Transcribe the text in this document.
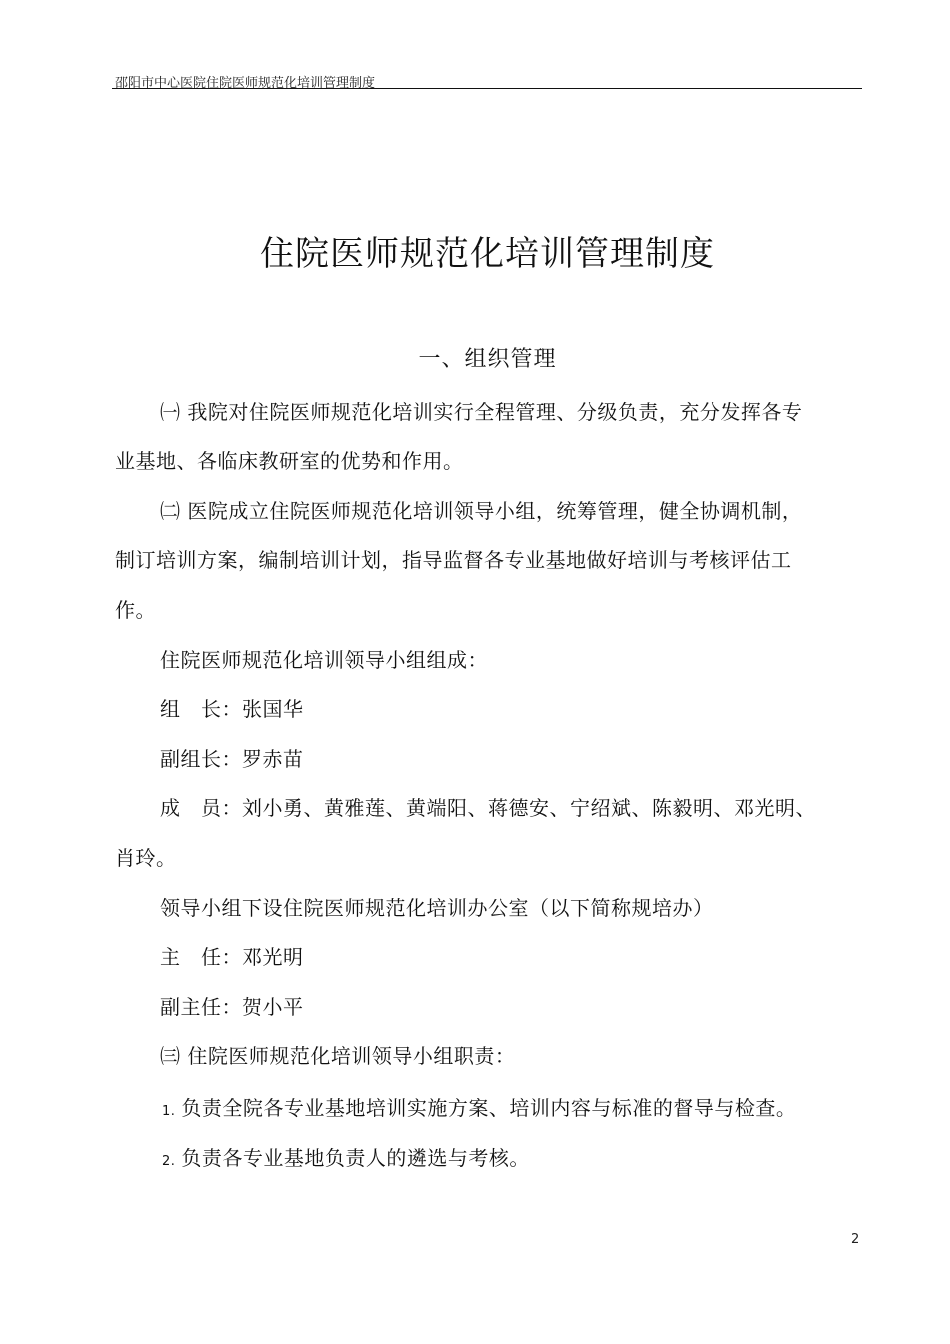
邵阳市中心医院住院医师规范化培训管理制度
住院医师规范化培训管理制度
一、组织管理
㈠ 我院对住院医师规范化培训实行全程管理、分级负责，充分发挥各专
业基地、各临床教研室的优势和作用。
㈡ 医院成立住院医师规范化培训领导小组，统筹管理，健全协调机制，
制订培训方案，编制培训计划，指导监督各专业基地做好培训与考核评估工
作。
住院医师规范化培训领导小组组成：
组　长：张国华
副组长：罗赤苗
成　员：刘小勇、黄雅莲、黄端阳、蒋德安、宁绍斌、陈毅明、邓光明、
肖玲。
领导小组下设住院医师规范化培训办公室（以下简称规培办）
主　任：邓光明
副主任：贺小平
㈢ 住院医师规范化培训领导小组职责：
1. 负责全院各专业基地培训实施方案、培训内容与标准的督导与检查。
2. 负责各专业基地负责人的遴选与考核。
2
